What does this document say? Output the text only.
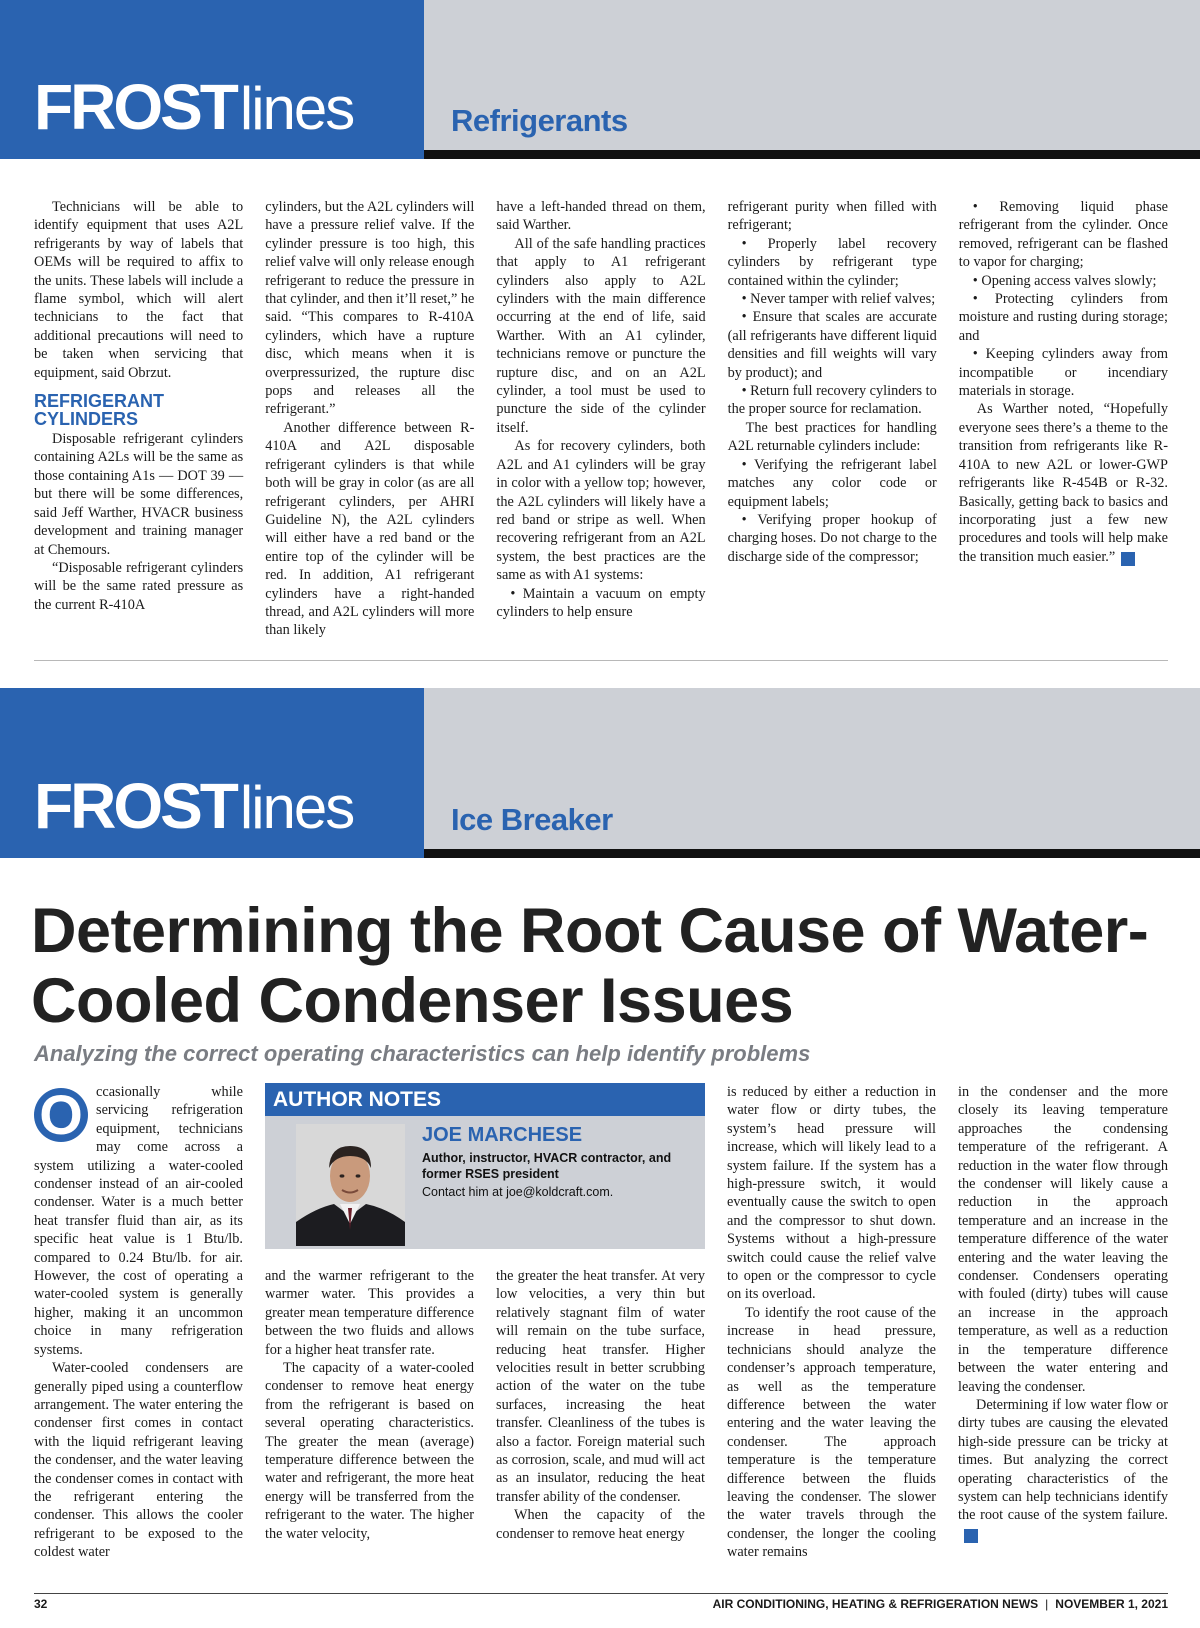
FROSTlines	Refrigerants

Technicians will be able to identify equipment that uses A2L refrigerants by way of labels that OEMs will be required to affix to the units. These labels will include a flame symbol, which will alert technicians to the fact that additional precautions will need to be taken when servicing that equipment, said Obrzut.

REFRIGERANT CYLINDERS

Disposable refrigerant cylinders containing A2Ls will be the same as those containing A1s — DOT 39 — but there will be some differences, said Jeff Warther, HVACR business development and training manager at Chemours.

“Disposable refrigerant cylinders will be the same rated pressure as the current R-410A

cylinders, but the A2L cylinders will have a pressure relief valve. If the cylinder pressure is too high, this relief valve will only release enough refrigerant to reduce the pressure in that cylinder, and then it’ll reset,” he said. “This compares to R-410A cylinders, which have a rupture disc, which means when it is overpressurized, the rupture disc pops and releases all the refrigerant.”

Another difference between R-410A and A2L disposable refrigerant cylinders is that while both will be gray in color (as are all refrigerant cylinders, per AHRI Guideline N), the A2L cylinders will either have a red band or the entire top of the cylinder will be red. In addition, A1 refrigerant cylinders have a right-handed thread, and A2L cylinders will more than likely

have a left-handed thread on them, said Warther.

All of the safe handling practices that apply to A1 refrigerant cylinders also apply to A2L cylinders with the main difference occurring at the end of life, said Warther. With an A1 cylinder, technicians remove or puncture the rupture disc, and on an A2L cylinder, a tool must be used to puncture the side of the cylinder itself.

As for recovery cylinders, both A2L and A1 cylinders will be gray in color with a yellow top; however, the A2L cylinders will likely have a red band or stripe as well. When recovering refrigerant from an A2L system, the best practices are the same as with A1 systems:

• Maintain a vacuum on empty cylinders to help ensure

refrigerant purity when filled with refrigerant;

• Properly label recovery cylinders by refrigerant type contained within the cylinder;

• Never tamper with relief valves;

• Ensure that scales are accurate (all refrigerants have different liquid densities and fill weights will vary by product); and

• Return full recovery cylinders to the proper source for reclamation.

The best practices for handling A2L returnable cylinders include:

• Verifying the refrigerant label matches any color code or equipment labels;

• Verifying proper hookup of charging hoses. Do not charge to the discharge side of the compressor;

• Removing liquid phase refrigerant from the cylinder. Once removed, refrigerant can be flashed to vapor for charging;

• Opening access valves slowly;

• Protecting cylinders from moisture and rusting during storage; and

• Keeping cylinders away from incompatible or incendiary materials in storage.

As Warther noted, “Hopefully everyone sees there’s a theme to the transition from refrigerants like R-410A to new A2L or lower-GWP refrigerants like R-454B or R-32. Basically, getting back to basics and incorporating just a few new procedures and tools will help make the transition much easier.” N

FROSTlines	Ice Breaker
Determining the Root Cause of Water-Cooled Condenser Issues
Analyzing the correct operating characteristics can help identify problems

O ccasionally while servicing refrigeration equipment, technicians may come across a system utilizing a water-cooled condenser instead of an air-cooled condenser. Water is a much better heat transfer fluid than air, as its specific heat value is 1 Btu/lb. compared to 0.24 Btu/lb. for air. However, the cost of operating a water-cooled system is generally higher, making it an uncommon choice in many refrigeration systems.

Water-cooled condensers are generally piped using a counterflow arrangement. The water entering the condenser first comes in contact with the liquid refrigerant leaving the condenser, and the water leaving the condenser comes in contact with the refrigerant entering the condenser. This allows the cooler refrigerant to be exposed to the coldest water

AUTHOR NOTES
JOE MARCHESE
Author, instructor, HVACR contractor, and former RSES president
Contact him at joe@koldcraft.com.

and the warmer refrigerant to the warmer water. This provides a greater mean temperature difference between the two fluids and allows for a higher heat transfer rate.

The capacity of a water-cooled condenser to remove heat energy from the refrigerant is based on several operating characteristics. The greater the mean (average) temperature difference between the water and refrigerant, the more heat energy will be transferred from the refrigerant to the water. The higher the water velocity,

the greater the heat transfer. At very low velocities, a very thin but relatively stagnant film of water will remain on the tube surface, reducing heat transfer. Higher velocities result in better scrubbing action of the water on the tube surfaces, increasing the heat transfer. Cleanliness of the tubes is also a factor. Foreign material such as corrosion, scale, and mud will act as an insulator, reducing the heat transfer ability of the condenser.

When the capacity of the condenser to remove heat energy

is reduced by either a reduction in water flow or dirty tubes, the system’s head pressure will increase, which will likely lead to a system failure. If the system has a high-pressure switch, it would eventually cause the switch to open and the compressor to shut down. Systems without a high-pressure switch could cause the relief valve to open or the compressor to cycle on its overload.

To identify the root cause of the increase in head pressure, technicians should analyze the condenser’s approach temperature, as well as the temperature difference between the water entering and the water leaving the condenser. The approach temperature is the temperature difference between the fluids leaving the condenser. The slower the water travels through the condenser, the longer the cooling water remains

in the condenser and the more closely its leaving temperature approaches the condensing temperature of the refrigerant. A reduction in the water flow through the condenser will likely cause a reduction in the approach temperature and an increase in the temperature difference of the water entering and the water leaving the condenser. Condensers operating with fouled (dirty) tubes will cause an increase in the approach temperature, as well as a reduction in the temperature difference between the water entering and leaving the condenser.

Determining if low water flow or dirty tubes are causing the elevated high-side pressure can be tricky at times. But analyzing the correct operating characteristics of the system can help technicians identify the root cause of the system failure.N

32	AIR CONDITIONING, HEATING & REFRIGERATION NEWS | NOVEMBER 1, 2021
